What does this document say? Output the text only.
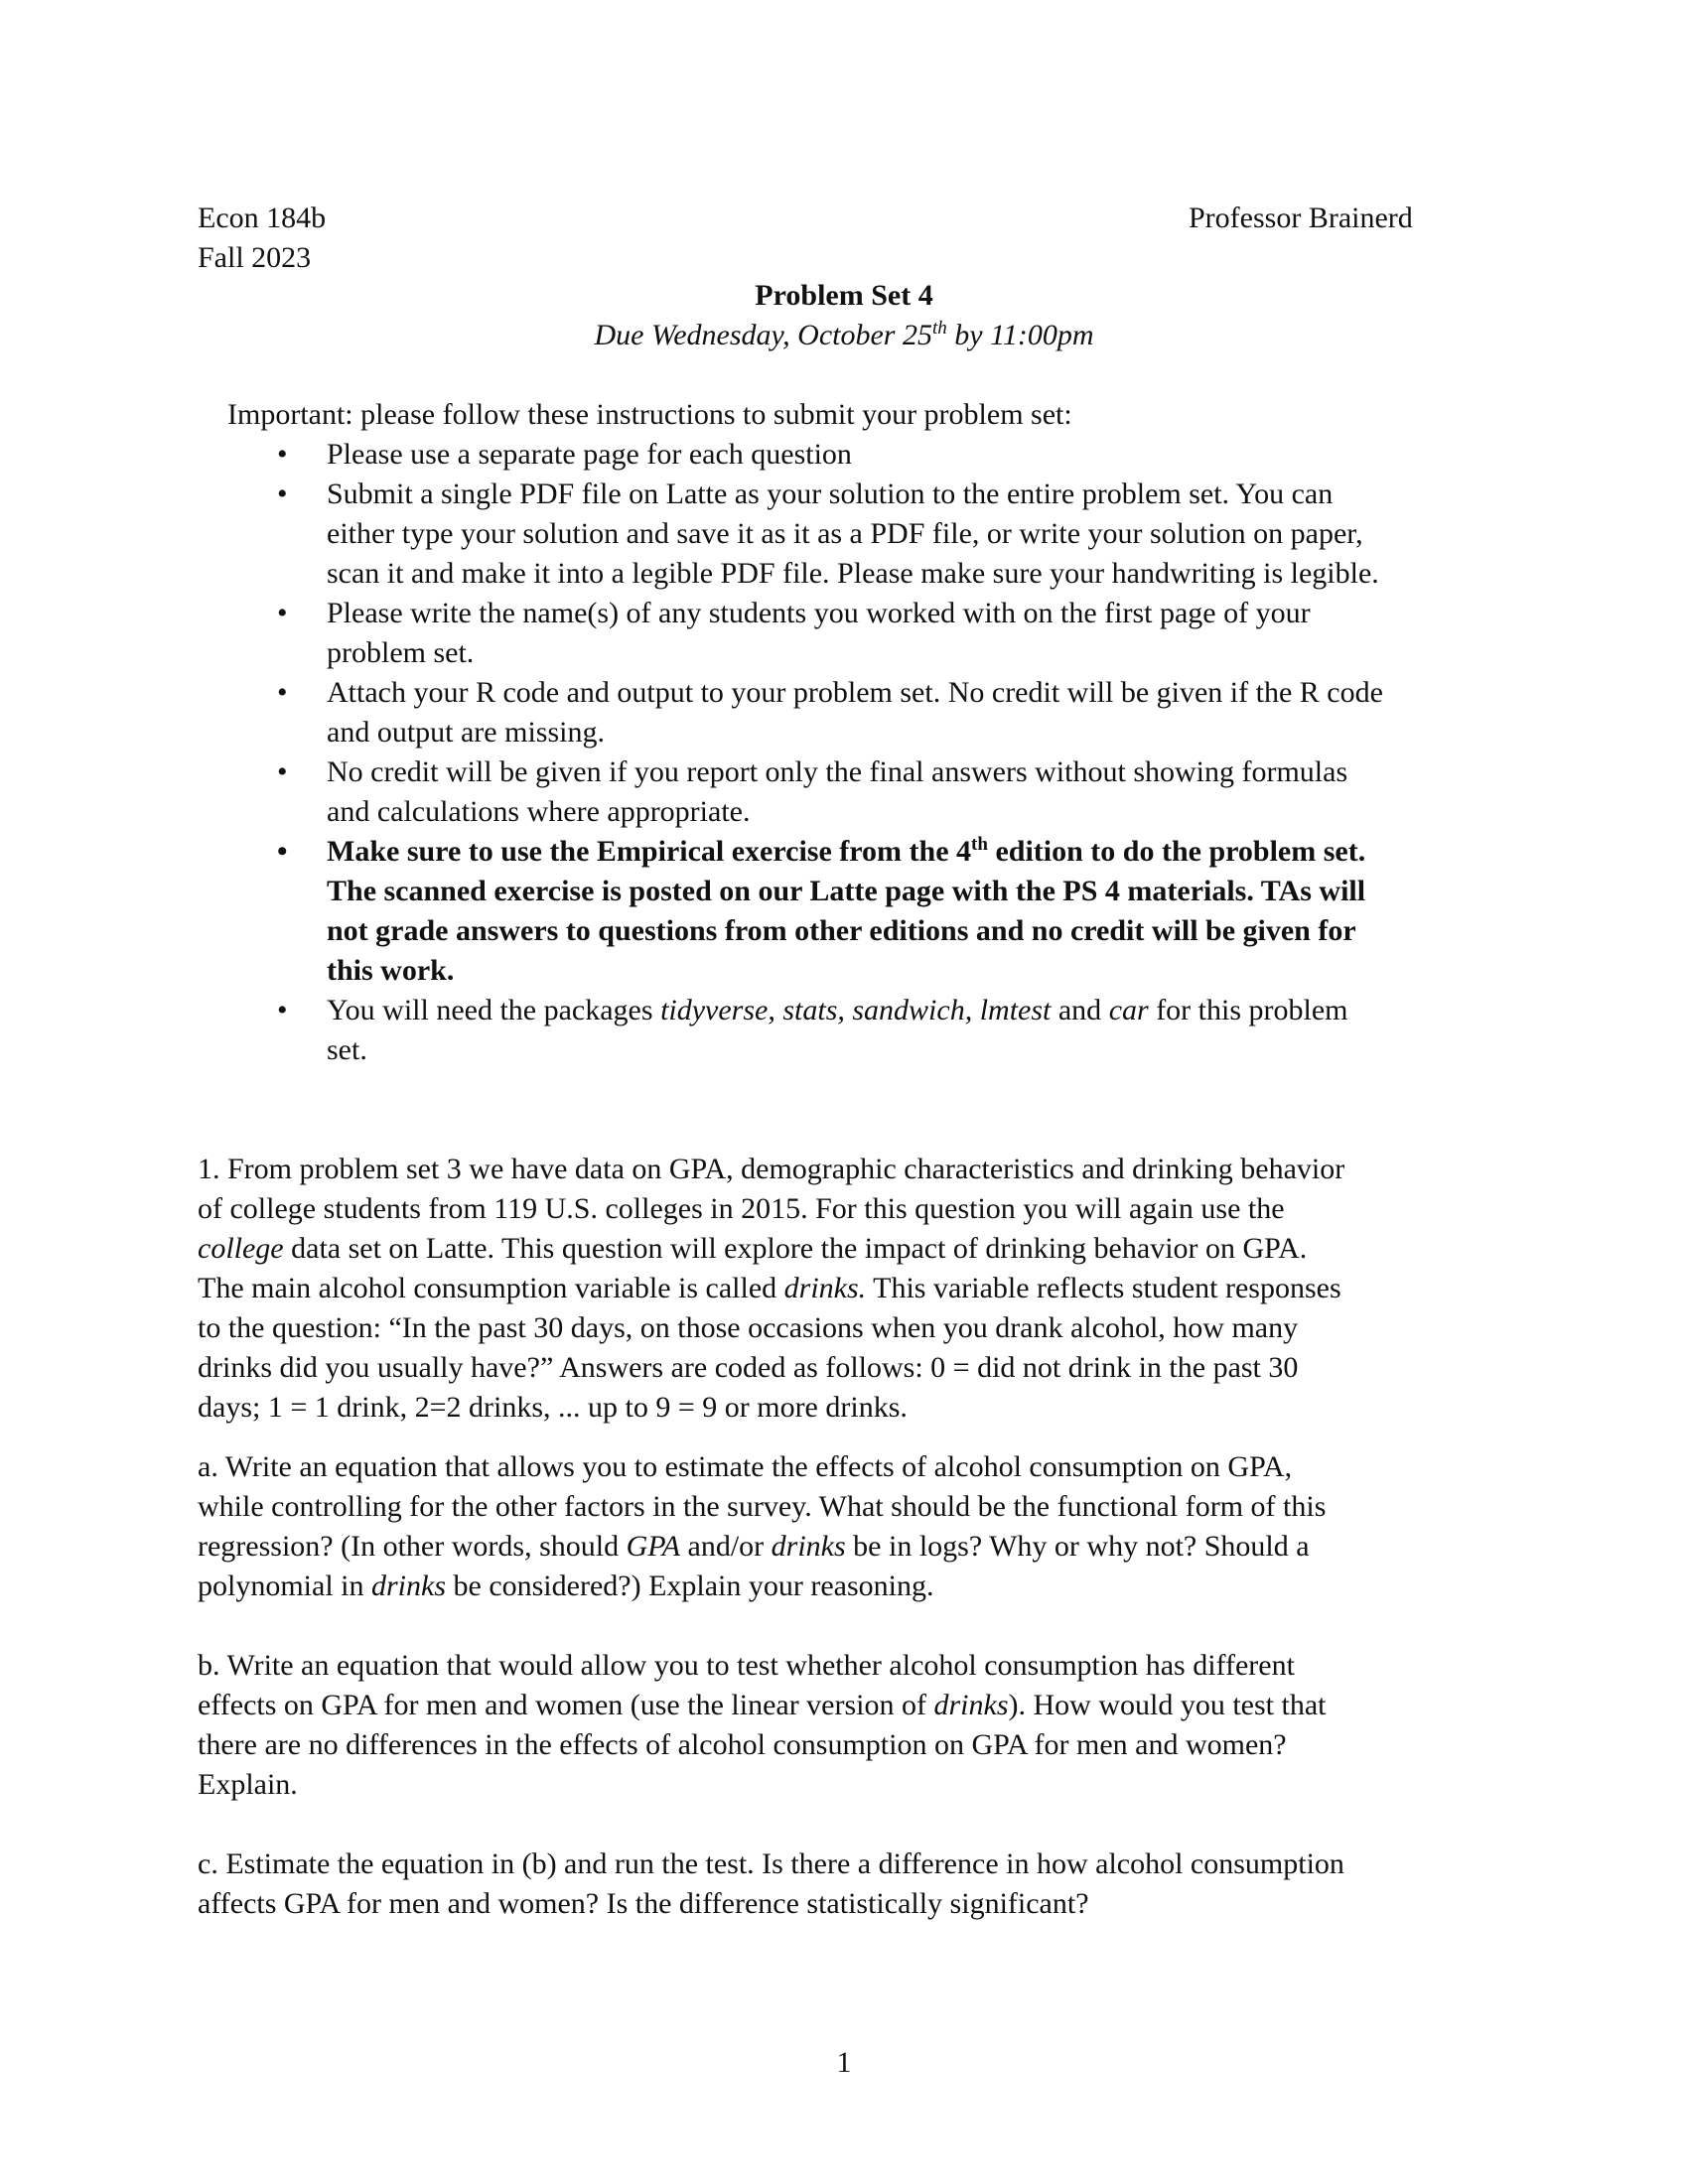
Econ 184b
Fall 2023
Professor Brainerd
Problem Set 4
Due Wednesday, October 25th by 11:00pm
Important: please follow these instructions to submit your problem set:
• Please use a separate page for each question
• Submit a single PDF file on Latte as your solution to the entire problem set. You can
either type your solution and save it as it as a PDF file, or write your solution on paper,
scan it and make it into a legible PDF file. Please make sure your handwriting is legible.
• Please write the name(s) of any students you worked with on the first page of your
problem set.
• Attach your R code and output to your problem set. No credit will be given if the R code
and output are missing.
• No credit will be given if you report only the final answers without showing formulas
and calculations where appropriate.
• Make sure to use the Empirical exercise from the 4th edition to do the problem set.
The scanned exercise is posted on our Latte page with the PS 4 materials. TAs will
not grade answers to questions from other editions and no credit will be given for
this work.
• You will need the packages tidyverse, stats, sandwich, lmtest and car for this problem
set.
1. From problem set 3 we have data on GPA, demographic characteristics and drinking behavior
of college students from 119 U.S. colleges in 2015. For this question you will again use the
college data set on Latte. This question will explore the impact of drinking behavior on GPA.
The main alcohol consumption variable is called drinks. This variable reflects student responses
to the question: “In the past 30 days, on those occasions when you drank alcohol, how many
drinks did you usually have?” Answers are coded as follows: 0 = did not drink in the past 30
days; 1 = 1 drink, 2=2 drinks, ... up to 9 = 9 or more drinks.
a. Write an equation that allows you to estimate the effects of alcohol consumption on GPA,
while controlling for the other factors in the survey. What should be the functional form of this
regression? (In other words, should GPA and/or drinks be in logs? Why or why not? Should a
polynomial in drinks be considered?) Explain your reasoning.
b. Write an equation that would allow you to test whether alcohol consumption has different
effects on GPA for men and women (use the linear version of drinks). How would you test that
there are no differences in the effects of alcohol consumption on GPA for men and women?
Explain.
c. Estimate the equation in (b) and run the test. Is there a difference in how alcohol consumption
affects GPA for men and women? Is the difference statistically significant?
1
